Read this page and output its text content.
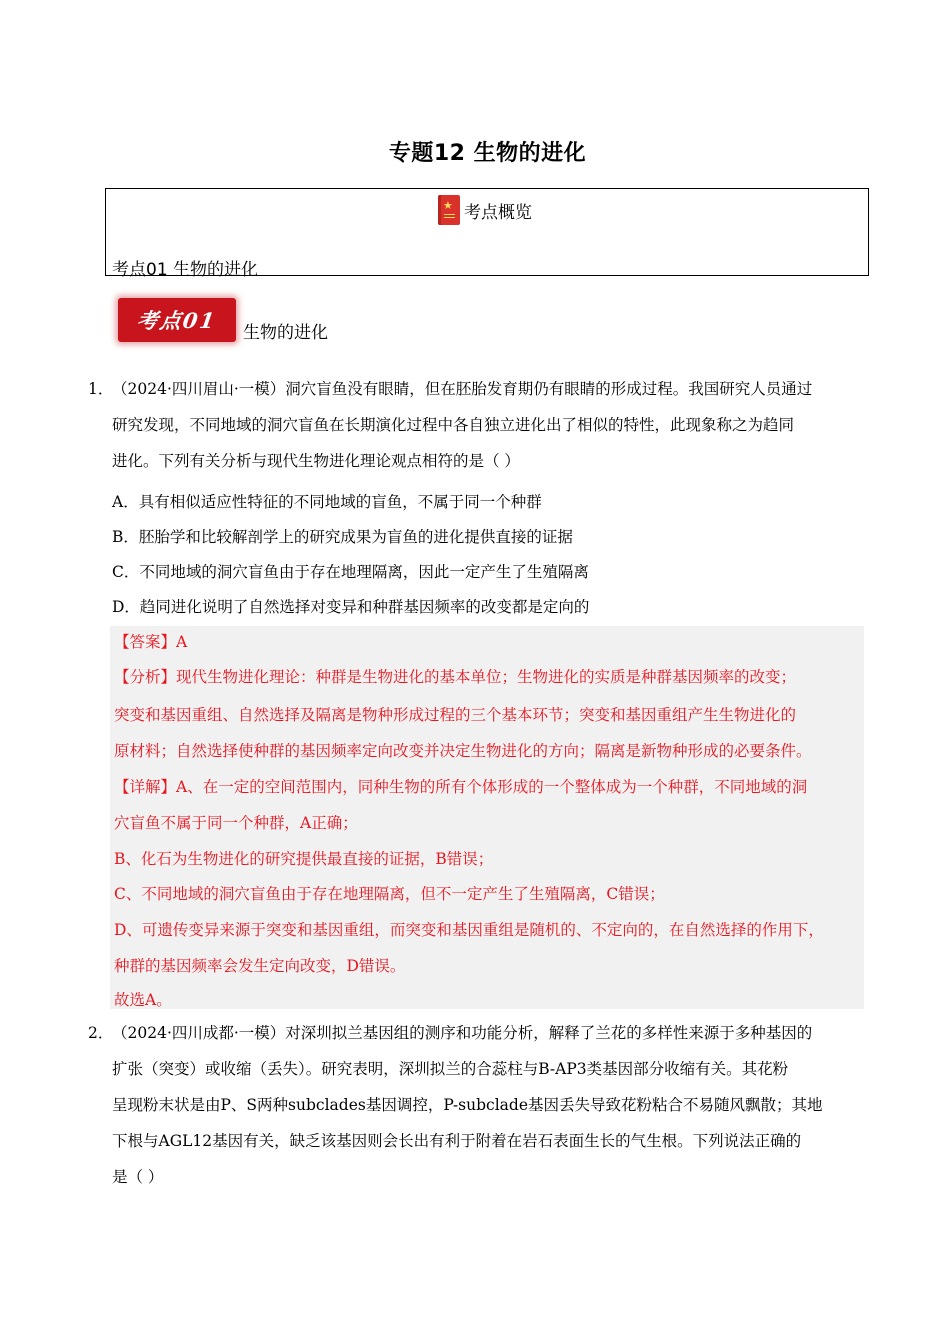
专题12 生物的进化
★ 考点概览
考点01 生物的进化
考点01 生物的进化
1．
（2024·四川眉山·一模）洞穴盲鱼没有眼睛，但在胚胎发育期仍有眼睛的形成过程。我国研究人员通过
研究发现，不同地域的洞穴盲鱼在长期演化过程中各自独立进化出了相似的特性，此现象称之为趋同
进化。下列有关分析与现代生物进化理论观点相符的是（ ）
A．具有相似适应性特征的不同地域的盲鱼，不属于同一个种群
B．胚胎学和比较解剖学上的研究成果为盲鱼的进化提供直接的证据
C．不同地域的洞穴盲鱼由于存在地理隔离，因此一定产生了生殖隔离
D．趋同进化说明了自然选择对变异和种群基因频率的改变都是定向的
【答案】A
【分析】现代生物进化理论：种群是生物进化的基本单位；生物进化的实质是种群基因频率的改变；
突变和基因重组、自然选择及隔离是物种形成过程的三个基本环节；突变和基因重组产生生物进化的
原材料；自然选择使种群的基因频率定向改变并决定生物进化的方向；隔离是新物种形成的必要条件。
【详解】A、在一定的空间范围内，同种生物的所有个体形成的一个整体成为一个种群，不同地域的洞
穴盲鱼不属于同一个种群，A正确；
B、化石为生物进化的研究提供最直接的证据，B错误；
C、不同地域的洞穴盲鱼由于存在地理隔离，但不一定产生了生殖隔离，C错误；
D、可遗传变异来源于突变和基因重组，而突变和基因重组是随机的、不定向的，在自然选择的作用下，
种群的基因频率会发生定向改变，D错误。
故选A。
2．
（2024·四川成都·一模）对深圳拟兰基因组的测序和功能分析，解释了兰花的多样性来源于多种基因的
扩张（突变）或收缩（丢失）。研究表明，深圳拟兰的合蕊柱与B-AP3类基因部分收缩有关。其花粉
呈现粉末状是由P、S两种subclades基因调控，P-subclade基因丢失导致花粉粘合不易随风飘散；其地
下根与AGL12基因有关，缺乏该基因则会长出有利于附着在岩石表面生长的气生根。下列说法正确的
是（ ）
